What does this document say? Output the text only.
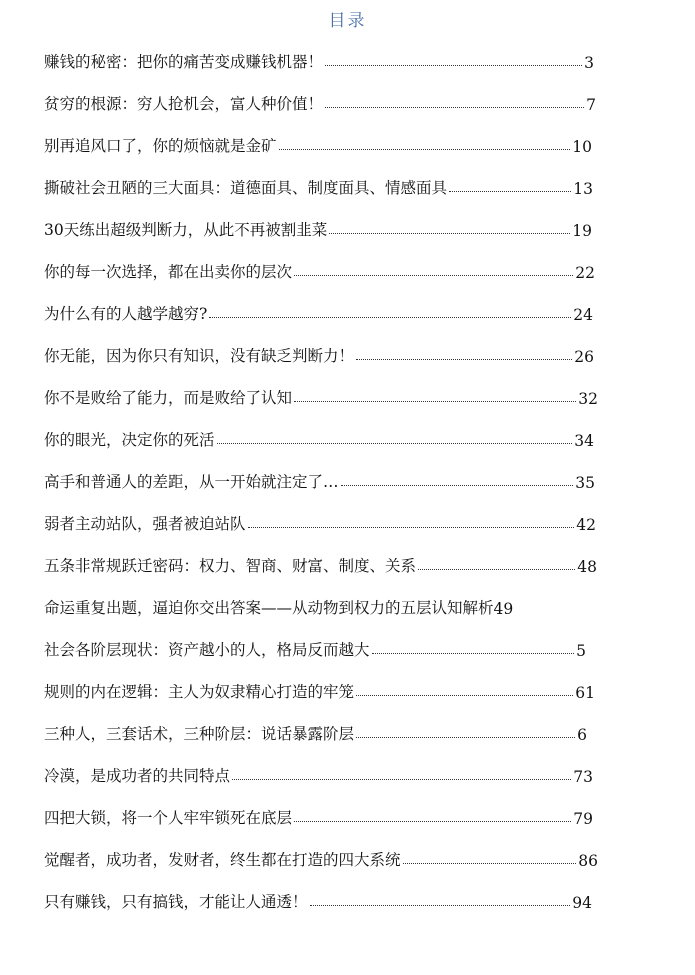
目录
赚钱的秘密：把你的痛苦变成赚钱机器！	3
贫穷的根源：穷人抢机会，富人种价值！	7
别再追风口了，你的烦恼就是金矿	10
撕破社会丑陋的三大面具：道德面具、制度面具、情感面具	13
30天练出超级判断力，从此不再被割韭菜	19
你的每一次选择，都在出卖你的层次	22
为什么有的人越学越穷?	24
你无能，因为你只有知识，没有缺乏判断力！	26
你不是败给了能力，而是败给了认知	32
你的眼光，决定你的死活	34
高手和普通人的差距，从一开始就注定了…	35
弱者主动站队，强者被迫站队	42
五条非常规跃迁密码：权力、智商、财富、制度、关系	48
命运重复出题，逼迫你交出答案——从动物到权力的五层认知解析 49
社会各阶层现状：资产越小的人，格局反而越大	5
规则的内在逻辑：主人为奴隶精心打造的牢笼	61
三种人，三套话术，三种阶层：说话暴露阶层	6
冷漠，是成功者的共同特点	73
四把大锁，将一个人牢牢锁死在底层	79
觉醒者，成功者，发财者，终生都在打造的四大系统	86
只有赚钱，只有搞钱，才能让人通透！	94
